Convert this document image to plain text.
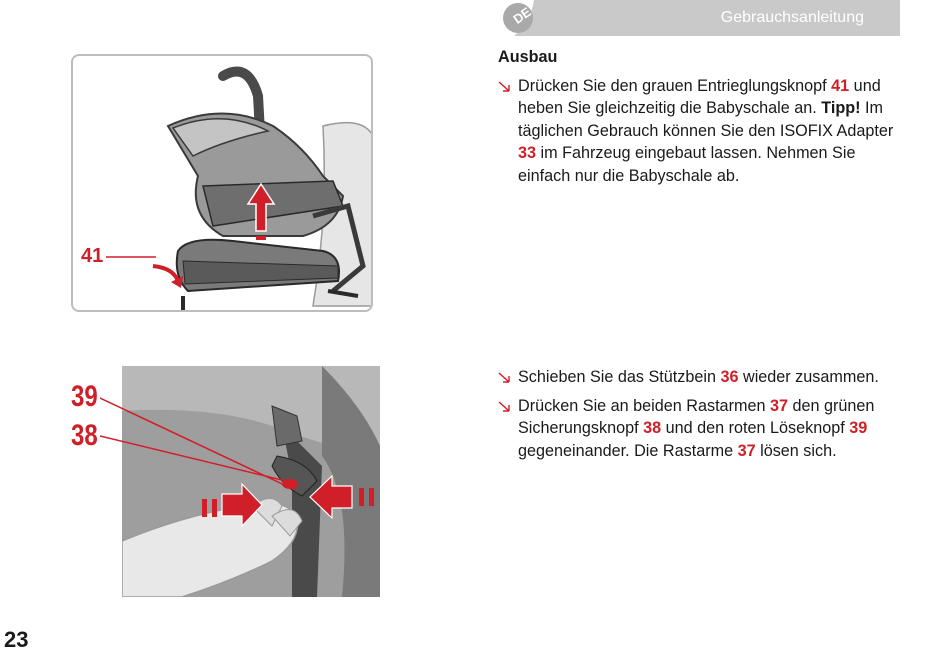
DE	Gebrauchsanleitung
Ausbau
Drücken Sie den grauen Entrieglungsknopf 41 und heben Sie gleichzeitig die Babyschale an. Tipp! Im täglichen Gebrauch können Sie den ISOFIX Adapter 33 im Fahrzeug eingebaut lassen. Nehmen Sie einfach nur die Babyschale ab.
Schieben Sie das Stützbein 36 wieder zusammen.
Drücken Sie an beiden Rastarmen 37 den grünen Sicherungsknopf 38 und den roten Löseknopf 39 gegeneinander. Die Rastarme 37 lösen sich.
41
39
38
23
